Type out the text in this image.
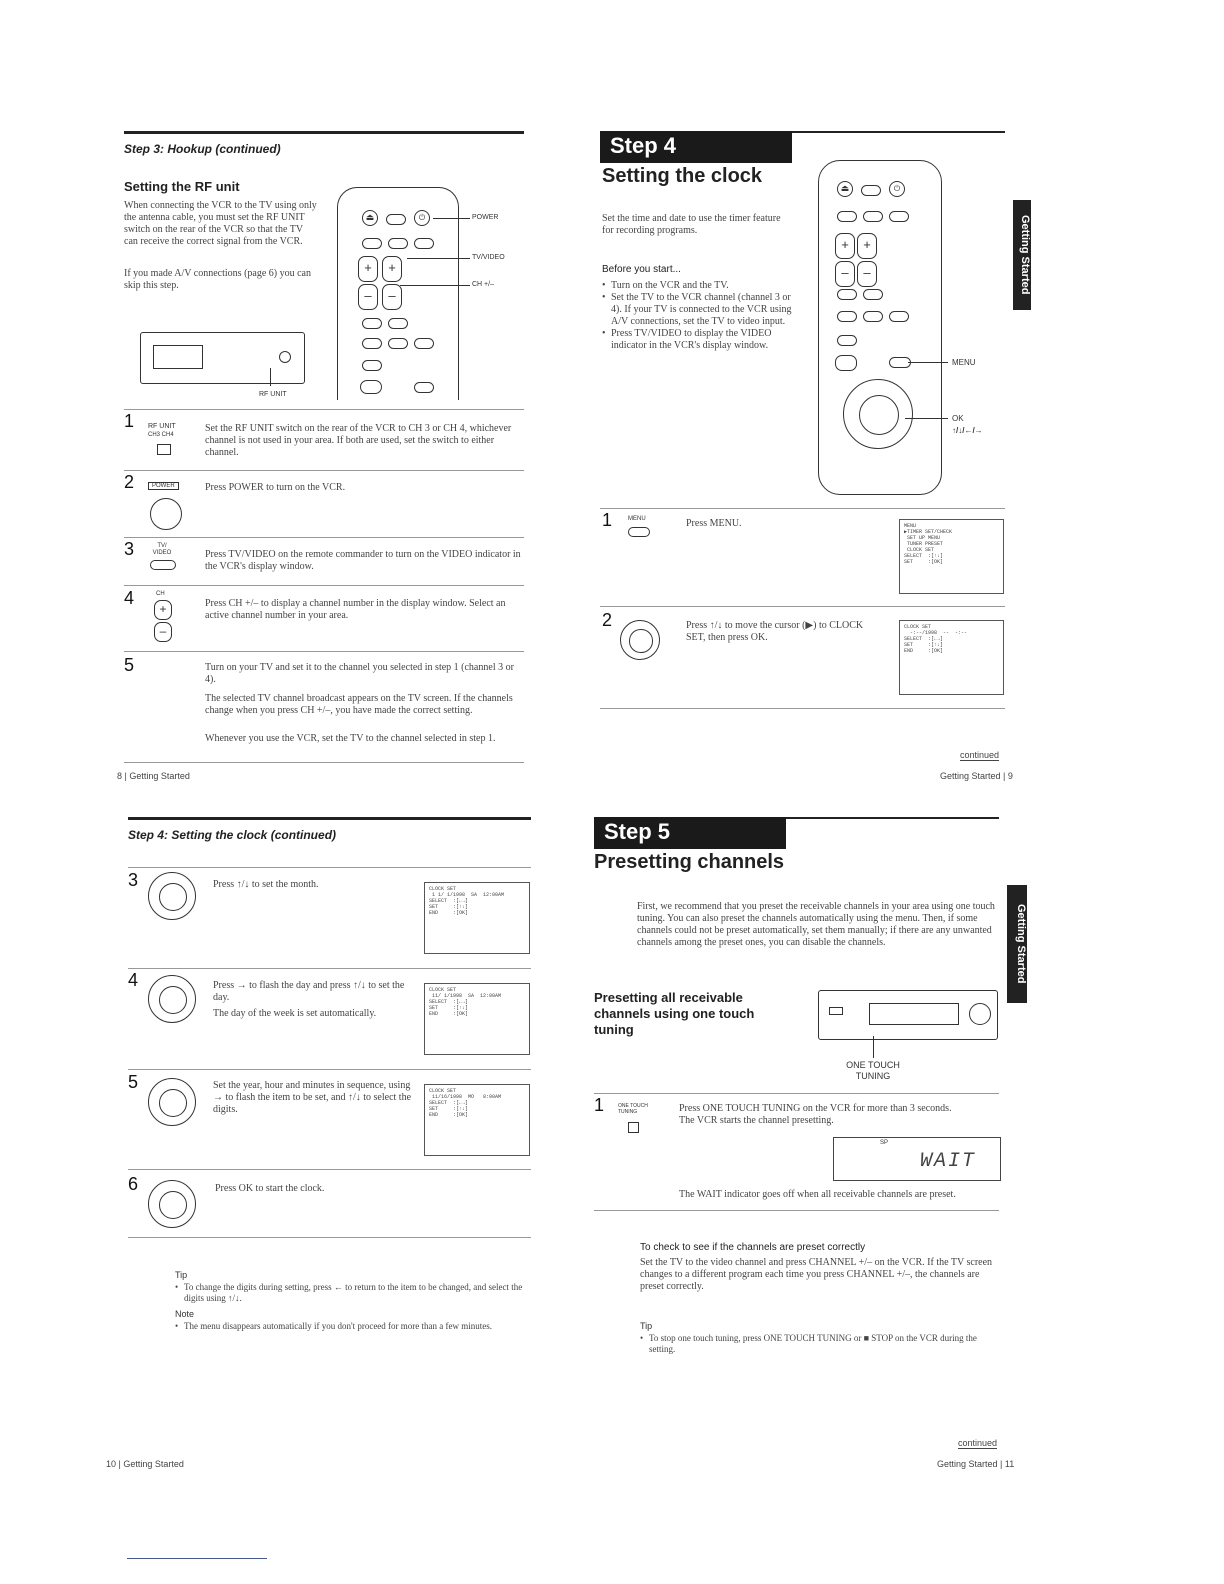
Step 3: Hookup (continued)
Setting the RF unit
When connecting the VCR to the TV using only the antenna cable, you must set the RF UNIT switch on the rear of the VCR so that the TV can receive the correct signal from the VCR.
If you made A/V connections (page 6) you can skip this step.
⏏	⏻
+	+
–	–
POWER
TV/VIDEO
CH +/–
RF UNIT
1 RF UNIT
CH3 CH4
Set the RF UNIT switch on the rear of the VCR to CH 3 or CH 4, whichever channel is not used in your area. If both are used, set the switch to either channel.
2	POWER	Press POWER to turn on the VCR.
3	TV/ VIDEO	Press TV/VIDEO on the remote commander to turn on the VIDEO indicator in the VCR's display window.
4	CH
+
–
Press CH +/– to display a channel number in the display window. Select an active channel number in your area.
5	Turn on your TV and set it to the channel you selected in step 1 (channel 3 or 4).
The selected TV channel broadcast appears on the TV screen. If the channels change when you press CH +/–, you have made the correct setting.
Whenever you use the VCR, set the TV to the channel selected in step 1.
8 | Getting Started
Step 4
Setting the clock
Set the time and date to use the timer feature for recording programs.
Before you start...
• Turn on the VCR and the TV.
• Set the TV to the VCR channel (channel 3 or 4). If your TV is connected to the VCR using A/V connections, set the TV to video input.
• Press TV/VIDEO to display the VIDEO indicator in the VCR's display window.
⏏	⏻
+	+
–	–
MENU
OK
↑/↓/←/→
Getting Started
1	MENU	Press MENU.	MENU
▶TIMER SET/CHECK
SET UP MENU
TUNER PRESET
CLOCK SET
SELECT  :[↑↓]
SET     :[OK]
2	Press ↑/↓ to move the cursor (▶) to CLOCK SET, then press OK.
CLOCK SET
-:--/1998  --  -:--
SELECT  :[←→]
SET     :[↑↓]
END     :[OK]
continued
Getting Started | 9
Step 4: Setting the clock (continued)
3	Press ↑/↓ to set the month.	CLOCK SET
1 1/ 1/1998  SA  12:00AM
SELECT  :[←→]
SET     :[↑↓]
END     :[OK]
4	Press → to flash the day and press ↑/↓ to set the day.
The day of the week is set automatically.
CLOCK SET
11/ 1/1998  SA  12:00AM
SELECT  :[←→]
SET     :[↑↓]
END     :[OK]
5	Set the year, hour and minutes in sequence, using → to flash the item to be set, and ↑/↓ to select the digits.
CLOCK SET
11/16/1998  MO   8:00AM
SELECT  :[←→]
SET     :[↑↓]
END     :[OK]
6	Press OK to start the clock.
Tip
• To change the digits during setting, press ← to return to the item to be changed, and select the digits using ↑/↓.
Note
• The menu disappears automatically if you don't proceed for more than a few minutes.
10 | Getting Started
Step 5
Presetting channels
First, we recommend that you preset the receivable channels in your area using one touch tuning. You can also preset the channels automatically using the menu. Then, if some channels could not be preset automatically, set them manually; if there are any unwanted channels among the preset ones, you can disable the channels.	Getting Started
Presetting all receivable channels using one touch tuning
ONE TOUCH TUNING
1	ONE TOUCH TUNING	Press ONE TOUCH TUNING on the VCR for more than 3 seconds.
The VCR starts the channel presetting.
SP
WAIT
The WAIT indicator goes off when all receivable channels are preset.
To check to see if the channels are preset correctly
Set the TV to the video channel and press CHANNEL +/– on the VCR. If the TV screen changes to a different program each time you press CHANNEL +/–, the channels are preset correctly.
Tip
• To stop one touch tuning, press ONE TOUCH TUNING or ■ STOP on the VCR during the setting.
continued
Getting Started | 11
